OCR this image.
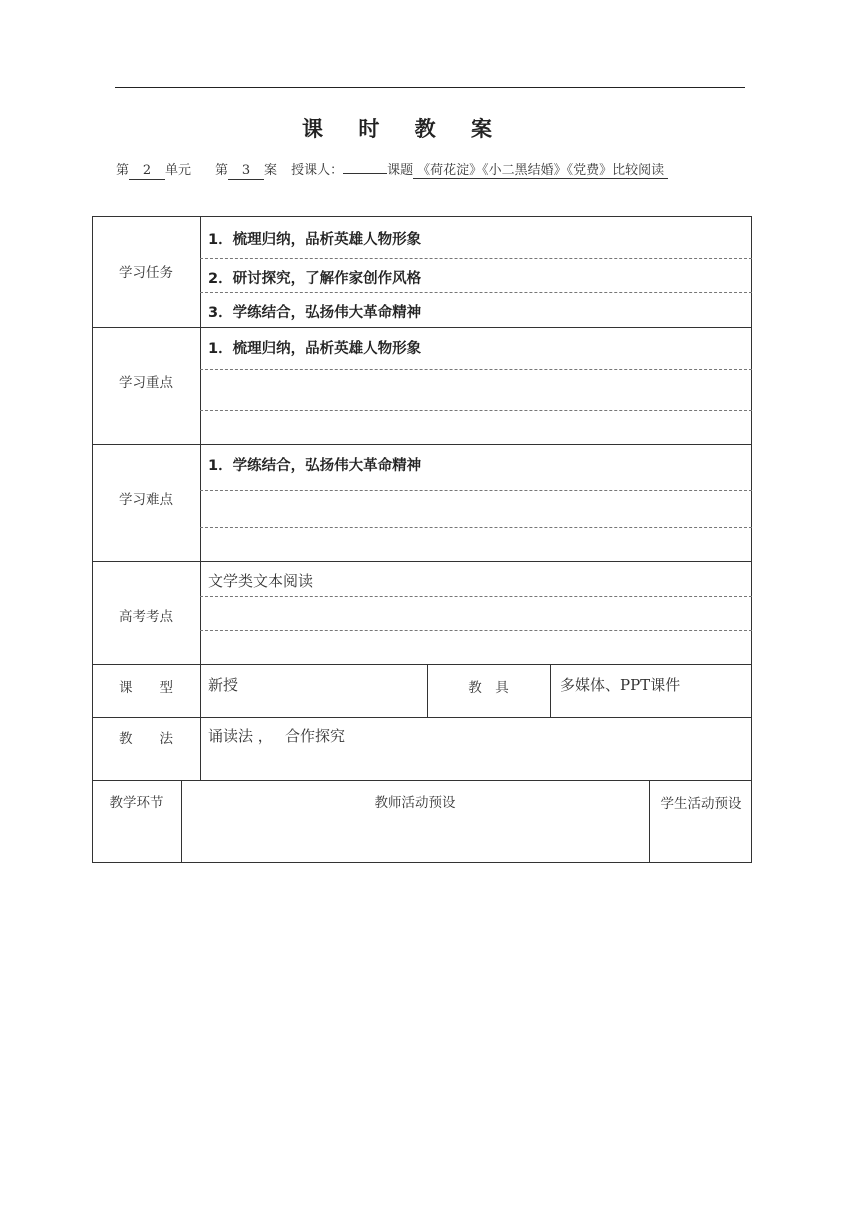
课 时 教 案
第 2 单元 第 3 案 授课人：	课题 《荷花淀》《小二黑结婚》《党费》比较阅读
学习任务
1．梳理归纳，品析英雄人物形象
2．研讨探究，了解作家创作风格
3．学练结合，弘扬伟大革命精神
学习重点
1．梳理归纳，品析英雄人物形象
学习难点
1．学练结合，弘扬伟大革命精神
高考考点
文学类文本阅读
课　　型	新授	教　具	多媒体、PPT课件
教　　法	诵读法 ，　 合作探究
教学环节	教师活动预设	学生活动预设
